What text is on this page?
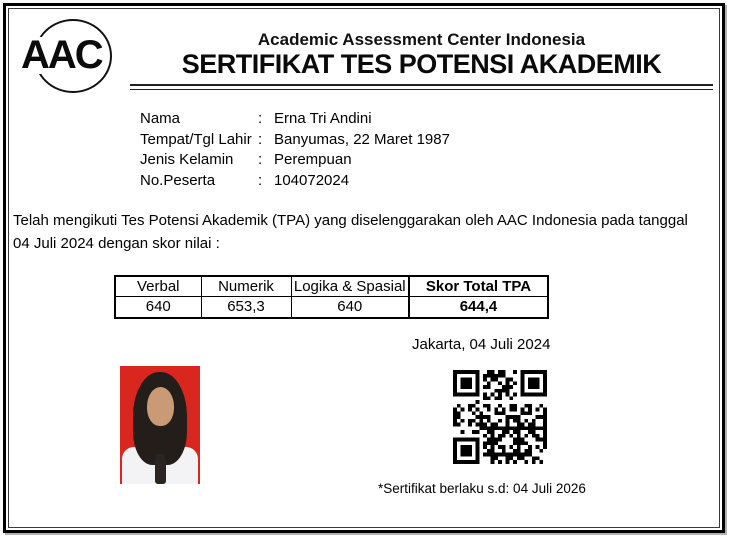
AAC	Academic Assessment Center Indonesia
SERTIFIKAT TES POTENSI AKADEMIK
Nama	: Erna Tri Andini
Tempat/Tgl Lahir : Banyumas, 22 Maret 1987
Jenis Kelamin	: Perempuan
No.Peserta	: 104072024
Telah mengikuti Tes Potensi Akademik (TPA) yang diselenggarakan oleh AAC Indonesia pada tanggal
04 Juli 2024 dengan skor nilai :
Verbal	Numerik	Logika & Spasial	Skor Total TPA
640	653,3	640	644,4
Jakarta, 04 Juli 2024
*Sertifikat berlaku s.d: 04 Juli 2026
